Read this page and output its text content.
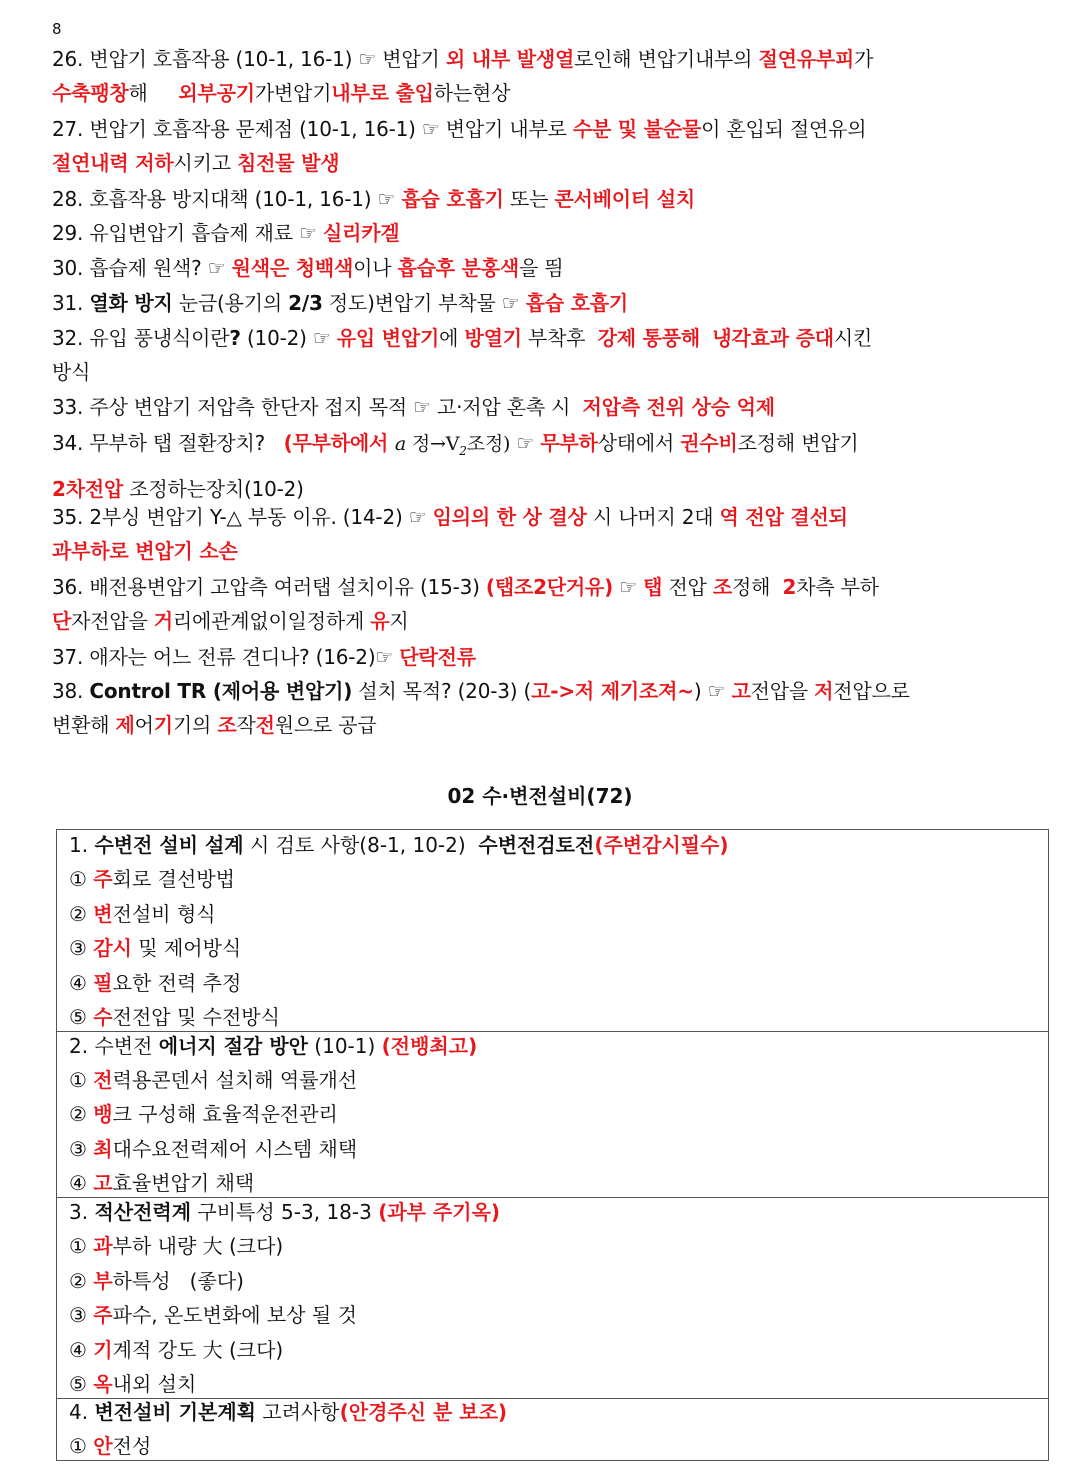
8
26. 변압기 호흡작용 (10-1, 16-1) ☞ 변압기 외 내부 발생열로인해 변압기내부의 절연유부피가
수축팽창해     외부공기가변압기내부로 출입하는현상
27. 변압기 호흡작용 문제점 (10-1, 16-1) ☞ 변압기 내부로 수분 및 불순물이 혼입되 절연유의
절연내력 저하시키고 침전물 발생
28. 호흡작용 방지대책 (10-1, 16-1) ☞ 흡습 호흡기 또는 콘서베이터 설치
29. 유입변압기 흡습제 재료 ☞ 실리카겔
30. 흡습제 원색? ☞ 원색은 청백색이나 흡습후 분홍색을 띔
31. 열화 방지 눈금(용기의 2/3 정도)변압기 부착물 ☞ 흡습 호흡기
32. 유입 풍냉식이란? (10-2) ☞ 유입 변압기에 방열기 부착후  강제 통풍해 냉각효과 증대시킨
방식
33. 주상 변압기 저압측 한단자 접지 목적 ☞ 고·저압 혼촉 시  저압측 전위 상승 억제
34. 무부하 탭 절환장치?   (무부하에서 a 정$\to V_2$조정) ☞ 무부하상태에서 권수비조정해 변압기
2차전압 조정하는장치(10-2)
35. 2부싱 변압기 Y-△ 부동 이유. (14-2) ☞ 임의의 한 상 결상 시 나머지 2대 역 전압 결선되
과부하로 변압기 소손
36. 배전용변압기 고압측 여러탭 설치이유 (15-3) (탭조2단거유) ☞ 탭 전압 조정해  2차측 부하
단자전압을 거리에관계없이일정하게 유지
37. 애자는 어느 전류 견디나? (16-2)☞ 단락전류
38. Control TR (제어용 변압기) 설치 목적? (20-3) (고->저 제기조져~) ☞ 고전압을 저전압으로
변환해 제어기기의 조작전원으로 공급
02 수·변전설비(72)
1. 수변전 설비 설계 시 검토 사항(8-1, 10-2)  수변전검토전(주변감시필수)
① 주회로 결선방법
② 변전설비 형식
③ 감시 및 제어방식
④ 필요한 전력 추정
⑤ 수전전압 및 수전방식
2. 수변전 에너지 절감 방안 (10-1) (전뱅최고)
① 전력용콘덴서 설치해 역률개선
② 뱅크 구성해 효율적운전관리
③ 최대수요전력제어 시스템 채택
④ 고효율변압기 채택
3. 적산전력계 구비특성 5-3, 18-3 (과부 주기옥)
① 과부하 내량 大 (크다)
② 부하특성   (좋다)
③ 주파수, 온도변화에 보상 될 것
④ 기계적 강도 大 (크다)
⑤ 옥내외 설치
4. 변전설비 기본계획 고려사항(안경주신 분 보조)
① 안전성
